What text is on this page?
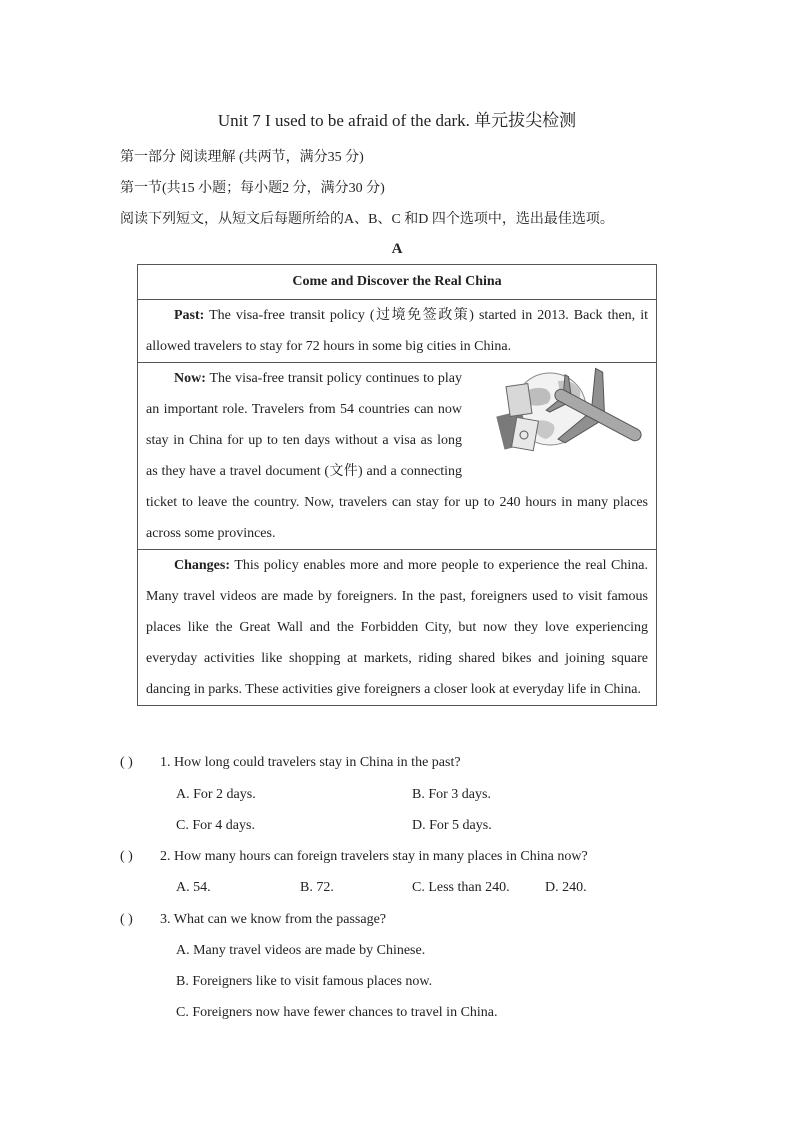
Unit 7 I used to be afraid of the dark. 单元拔尖检测
第一部分 阅读理解 (共两节，满分35 分)
第一节(共15 小题；每小题2 分，满分30 分)
阅读下列短文，从短文后每题所给的A、B、C 和D 四个选项中，选出最佳选项。
A
Come and Discover the Real China
Past: The visa-free transit policy (过境免签政策) started in 2013. Back then, it allowed travelers to stay for 72 hours in some big cities in China.

Now: The visa-free transit policy continues to play an important role. Travelers from 54 countries can now stay in China for up to ten days without a visa as long as they have a travel document (文件) and a connecting ticket to leave the country. Now, travelers can stay for up to 240 hours in many places across some provinces.
Changes: This policy enables more and more people to experience the real China. Many travel videos are made by foreigners. In the past, foreigners used to visit famous places like the Great Wall and the Forbidden City, but now they love experiencing everyday activities like shopping at markets, riding shared bikes and joining square dancing in parks. These activities give foreigners a closer look at everyday life in China.
( ) 1. How long could travelers stay in China in the past?
A. For 2 days.	B. For 3 days.
C. For 4 days.	D. For 5 days.
( ) 2. How many hours can foreign travelers stay in many places in China now?
A. 54.	B. 72.	C. Less than 240.	D. 240.
( ) 3. What can we know from the passage?
A. Many travel videos are made by Chinese.
B. Foreigners like to visit famous places now.
C. Foreigners now have fewer chances to travel in China.
